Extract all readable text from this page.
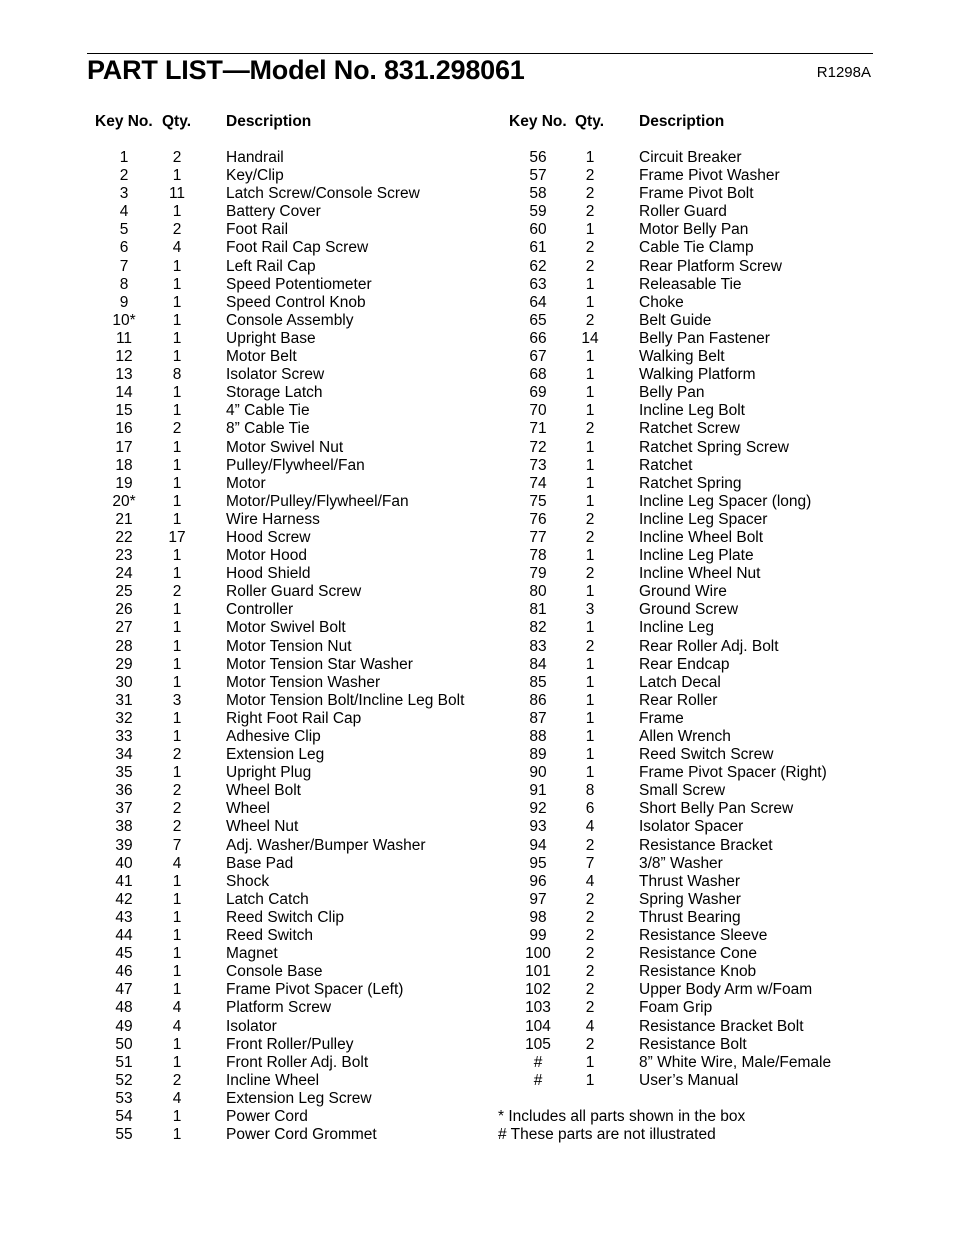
PART LIST—Model No. 831.298061	R1298A
Key No. Qty. Description	Key No. Qty. Description
1	2	Handrail
2	1	Key/Clip
3	11	Latch Screw/Console Screw
4	1	Battery Cover
5	2	Foot Rail
6	4	Foot Rail Cap Screw
7	1	Left Rail Cap
8	1	Speed Potentiometer
9	1	Speed Control Knob
10*	1	Console Assembly
11	1	Upright Base
12	1	Motor Belt
13	8	Isolator Screw
14	1	Storage Latch
15	1	4” Cable Tie
16	2	8” Cable Tie
17	1	Motor Swivel Nut
18	1	Pulley/Flywheel/Fan
19	1	Motor
20*	1	Motor/Pulley/Flywheel/Fan
21	1	Wire Harness
22	17	Hood Screw
23	1	Motor Hood
24	1	Hood Shield
25	2	Roller Guard Screw
26	1	Controller
27	1	Motor Swivel Bolt
28	1	Motor Tension Nut
29	1	Motor Tension Star Washer
30	1	Motor Tension Washer
31	3	Motor Tension Bolt/Incline Leg Bolt
32	1	Right Foot Rail Cap
33	1	Adhesive Clip
34	2	Extension Leg
35	1	Upright Plug
36	2	Wheel Bolt
37	2	Wheel
38	2	Wheel Nut
39	7	Adj. Washer/Bumper Washer
40	4	Base Pad
41	1	Shock
42	1	Latch Catch
43	1	Reed Switch Clip
44	1	Reed Switch
45	1	Magnet
46	1	Console Base
47	1	Frame Pivot Spacer (Left)
48	4	Platform Screw
49	4	Isolator
50	1	Front Roller/Pulley
51	1	Front Roller Adj. Bolt
52	2	Incline Wheel
53	4	Extension Leg Screw
54	1	Power Cord
55	1	Power Cord Grommet
56	1	Circuit Breaker
57	2	Frame Pivot Washer
58	2	Frame Pivot Bolt
59	2	Roller Guard
60	1	Motor Belly Pan
61	2	Cable Tie Clamp
62	2	Rear Platform Screw
63	1	Releasable Tie
64	1	Choke
65	2	Belt Guide
66	14	Belly Pan Fastener
67	1	Walking Belt
68	1	Walking Platform
69	1	Belly Pan
70	1	Incline Leg Bolt
71	2	Ratchet Screw
72	1	Ratchet Spring Screw
73	1	Ratchet
74	1	Ratchet Spring
75	1	Incline Leg Spacer (long)
76	2	Incline Leg Spacer
77	2	Incline Wheel Bolt
78	1	Incline Leg Plate
79	2	Incline Wheel Nut
80	1	Ground Wire
81	3	Ground Screw
82	1	Incline Leg
83	2	Rear Roller Adj. Bolt
84	1	Rear Endcap
85	1	Latch Decal
86	1	Rear Roller
87	1	Frame
88	1	Allen Wrench
89	1	Reed Switch Screw
90	1	Frame Pivot Spacer (Right)
91	8	Small Screw
92	6	Short Belly Pan Screw
93	4	Isolator Spacer
94	2	Resistance Bracket
95	7	3/8” Washer
96	4	Thrust Washer
97	2	Spring Washer
98	2	Thrust Bearing
99	2	Resistance Sleeve
100	2	Resistance Cone
101	2	Resistance Knob
102	2	Upper Body Arm w/Foam
103	2	Foam Grip
104	4	Resistance Bracket Bolt
105	2	Resistance Bolt
#	1	8” White Wire, Male/Female
#	1	User’s Manual
* Includes all parts shown in the box
# These parts are not illustrated
